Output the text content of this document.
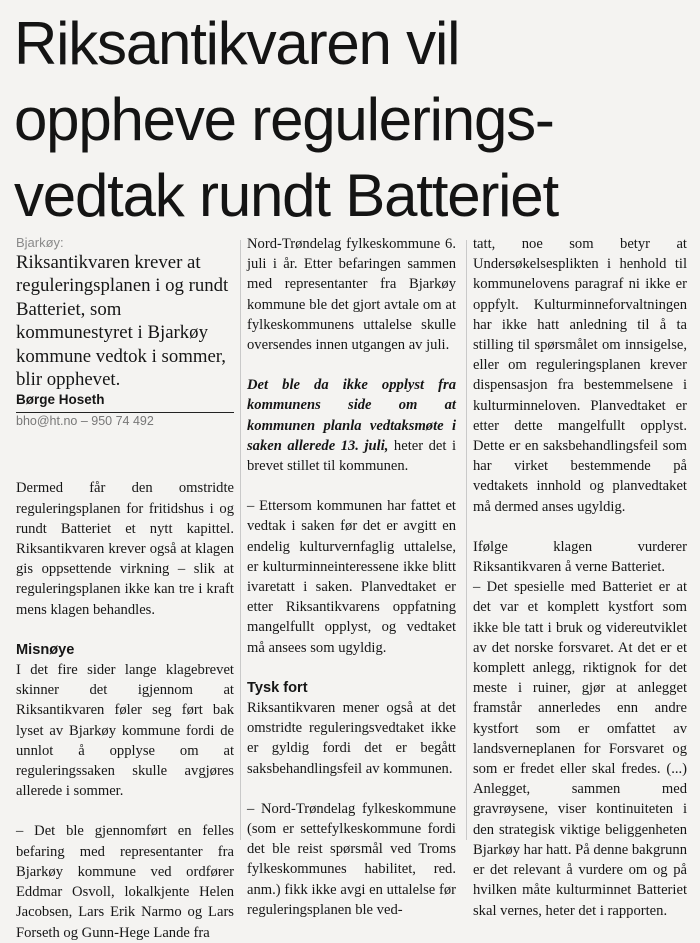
Riksantikvaren vil
oppheve regulerings-
vedtak rundt Batteriet

Bjarkøy:

Riksantikvaren krever at reguleringsplanen i og rundt Batteriet, som kommunestyret i Bjarkøy kommune vedtok i sommer, blir opphevet.

Børge Hoseth

bho@ht.no – 950 74 492

Dermed får den omstridte reguleringsplanen for fritidshus i og rundt Batteriet et nytt kapittel. Riksantikvaren krever også at klagen gis oppsettende virkning – slik at reguleringsplanen ikke kan tre i kraft mens klagen behandles.

Misnøye

I det fire sider lange klagebrevet skinner det igjennom at Riksantikvaren føler seg ført bak lyset av Bjarkøy kommune fordi de unnlot å opplyse om at reguleringssaken skulle avgjøres allerede i sommer.

– Det ble gjennomført en felles befaring med representanter fra Bjarkøy kommune ved ordfører Eddmar Osvoll, lokalkjente Helen Jacobsen, Lars Erik Narmo og Lars Forseth og Gunn-Hege Lande fra

Nord-Trøndelag fylkeskommune 6. juli i år. Etter befaringen sammen med representanter fra Bjarkøy kommune ble det gjort avtale om at fylkeskommunens uttalelse skulle oversendes innen utgangen av juli.

Det ble da ikke opplyst fra kommunens side om at kommunen planla vedtaksmøte i saken allerede 13. juli, heter det i brevet stillet til kommunen.

– Ettersom kommunen har fattet et vedtak i saken før det er avgitt en endelig kulturvernfaglig uttalelse, er kulturminneinteressene ikke blitt ivaretatt i saken. Planvedtaket er etter Riksantikvarens oppfatning mangelfullt opplyst, og vedtaket må ansees som ugyldig.

Tysk fort

Riksantikvaren mener også at det omstridte reguleringsvedtaket ikke er gyldig fordi det er begått saksbehandlingsfeil av kommunen.

– Nord-Trøndelag fylkeskommune (som er settefylkeskommune fordi det ble reist spørsmål ved Troms fylkeskommunes habilitet, red. anm.) fikk ikke avgi en uttalelse før reguleringsplanen ble ved-

tatt, noe som betyr at Undersøkelsesplikten i henhold til kommunelovens paragraf ni ikke er oppfylt. Kulturminneforvaltningen har ikke hatt anledning til å ta stilling til spørsmålet om innsigelse, eller om reguleringsplanen krever dispensasjon fra bestemmelsene i kulturminneloven. Planvedtaket er etter dette mangelfullt opplyst. Dette er en saksbehandlingsfeil som har virket bestemmende på vedtakets innhold og planvedtaket må dermed anses ugyldig.

Ifølge klagen vurderer Riksantikvaren å verne Batteriet.

– Det spesielle med Batteriet er at det var et komplett kystfort som ikke ble tatt i bruk og videreutviklet av det norske forsvaret. At det er et komplett anlegg, riktignok for det meste i ruiner, gjør at anlegget framstår annerledes enn andre kystfort som er omfattet av landsverneplanen for Forsvaret og som er fredet eller skal fredes. (...) Anlegget, sammen med gravrøysene, viser kontinuiteten i den strategisk viktige beliggenheten Bjarkøy har hatt. På denne bakgrunn er det relevant å vurdere om og på hvilken måte kulturminnet Batteriet skal vernes, heter det i rapporten.
